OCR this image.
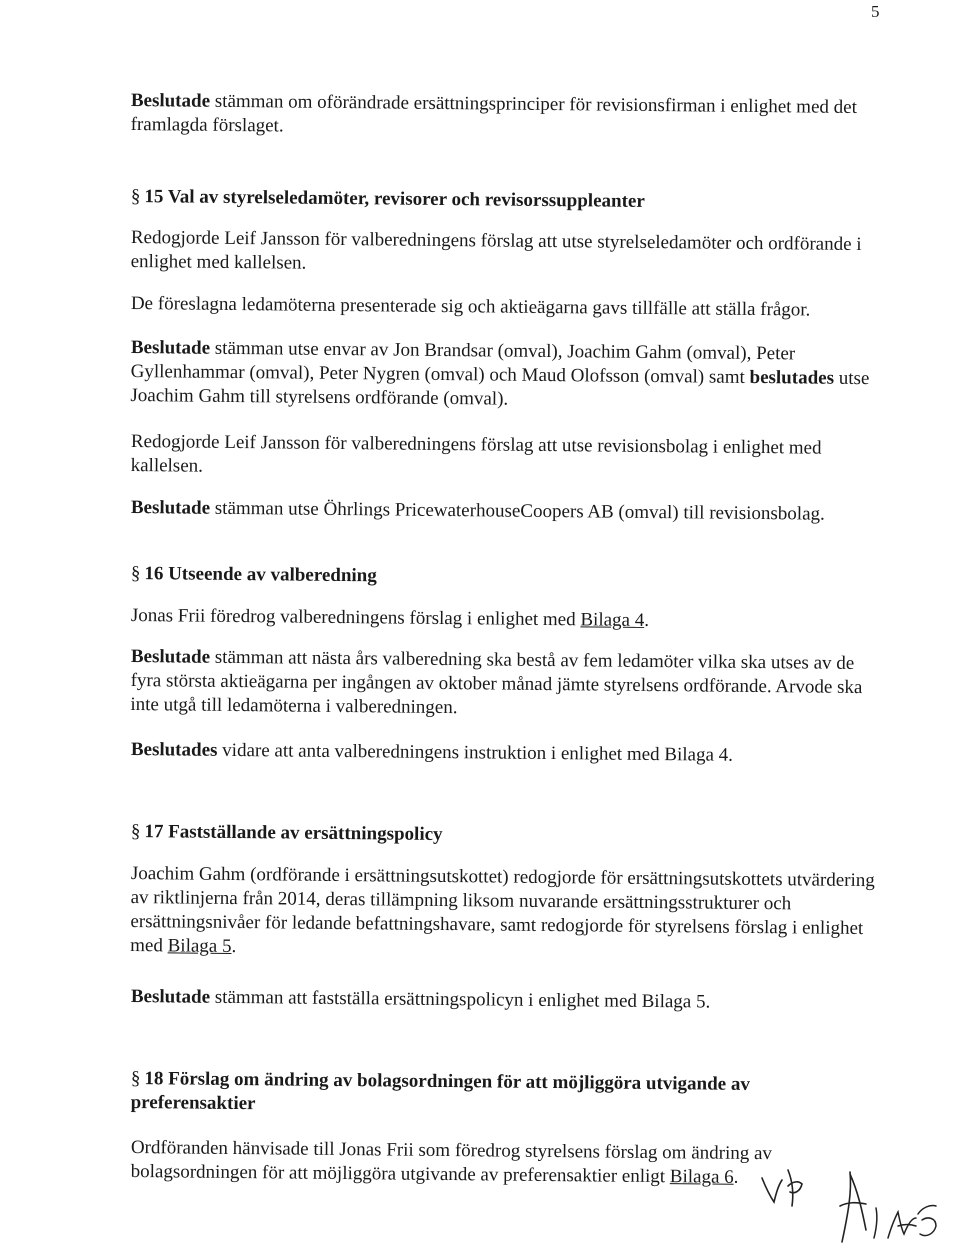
5

Beslutade stämman om oförändrade ersättningsprinciper för revisionsfirman i enlighet med det framlagda förslaget.

§ 15 Val av styrelseledamöter, revisorer och revisorssuppleanter

Redogjorde Leif Jansson för valberedningens förslag att utse styrelseledamöter och ordförande i enlighet med kallelsen.

De föreslagna ledamöterna presenterade sig och aktieägarna gavs tillfälle att ställa frågor.

Beslutade stämman utse envar av Jon Brandsar (omval), Joachim Gahm (omval), Peter Gyllenhammar (omval), Peter Nygren (omval) och Maud Olofsson (omval) samt beslutades utse Joachim Gahm till styrelsens ordförande (omval).

Redogjorde Leif Jansson för valberedningens förslag att utse revisionsbolag i enlighet med kallelsen.

Beslutade stämman utse Öhrlings PricewaterhouseCoopers AB (omval) till revisionsbolag.

§ 16 Utseende av valberedning

Jonas Frii föredrog valberedningens förslag i enlighet med Bilaga 4.

Beslutade stämman att nästa års valberedning ska bestå av fem ledamöter vilka ska utses av de fyra största aktieägarna per ingången av oktober månad jämte styrelsens ordförande. Arvode ska inte utgå till ledamöterna i valberedningen.

Beslutades vidare att anta valberedningens instruktion i enlighet med Bilaga 4.

§ 17 Fastställande av ersättningspolicy

Joachim Gahm (ordförande i ersättningsutskottet) redogjorde för ersättningsutskottets utvärdering av riktlinjerna från 2014, deras tillämpning liksom nuvarande ersättningsstrukturer och ersättningsnivåer för ledande befattningshavare, samt redogjorde för styrelsens förslag i enlighet med Bilaga 5.

Beslutade stämman att fastställa ersättningspolicyn i enlighet med Bilaga 5.

§ 18 Förslag om ändring av bolagsordningen för att möjliggöra utvigande av preferensaktier

Ordföranden hänvisade till Jonas Frii som föredrog styrelsens förslag om ändring av bolagsordningen för att möjliggöra utgivande av preferensaktier enligt Bilaga 6.
